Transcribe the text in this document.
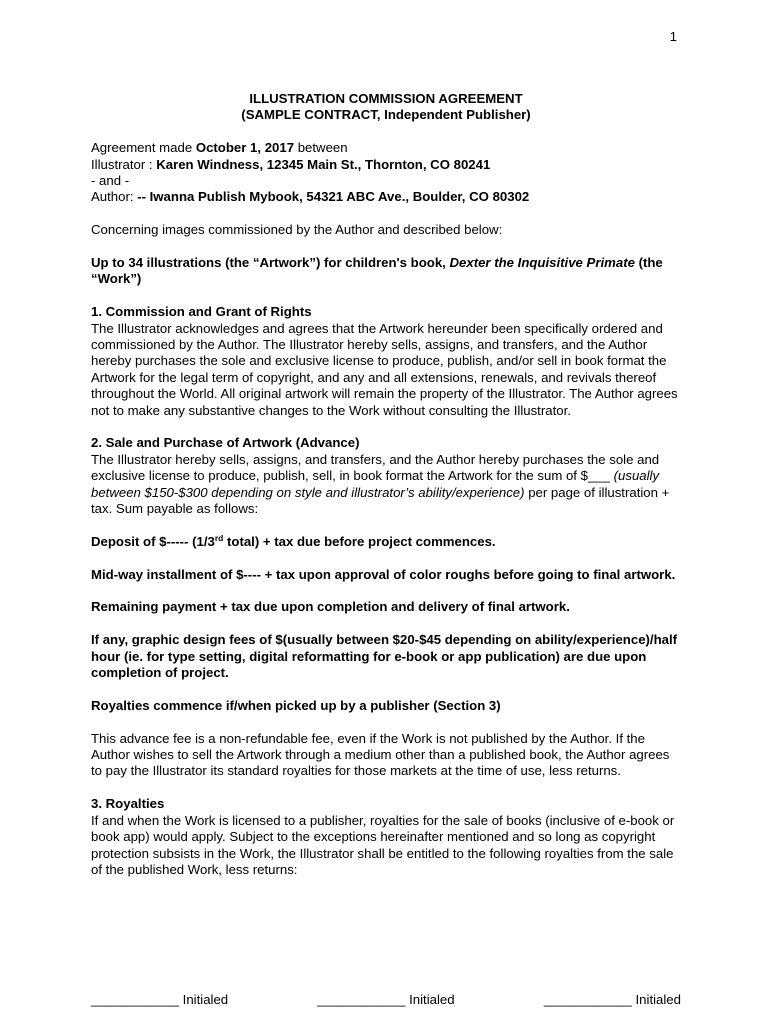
1
ILLUSTRATION COMMISSION AGREEMENT
(SAMPLE CONTRACT, Independent Publisher)

Agreement made October 1, 2017 between
Illustrator : Karen Windness, 12345 Main St., Thornton, CO 80241
- and -
Author: -- Iwanna Publish Mybook, 54321 ABC Ave., Boulder, CO 80302

Concerning images commissioned by the Author and described below:

Up to 34 illustrations (the “Artwork”) for children's book, Dexter the Inquisitive Primate (the “Work”)

1. Commission and Grant of Rights
The Illustrator acknowledges and agrees that the Artwork hereunder been specifically ordered and commissioned by the Author. The Illustrator hereby sells, assigns, and transfers, and the Author hereby purchases the sole and exclusive license to produce, publish, and/or sell in book format the Artwork for the legal term of copyright, and any and all extensions, renewals, and revivals thereof throughout the World. All original artwork will remain the property of the Illustrator. The Author agrees not to make any substantive changes to the Work without consulting the Illustrator.

2. Sale and Purchase of Artwork (Advance)
The Illustrator hereby sells, assigns, and transfers, and the Author hereby purchases the sole and exclusive license to produce, publish, sell, in book format the Artwork for the sum of $___ (usually between $150-$300 depending on style and illustrator’s ability/experience) per page of illustration + tax. Sum payable as follows:

Deposit of $----- (1/3rd total) + tax due before project commences.

Mid-way installment of $---- + tax upon approval of color roughs before going to final artwork.

Remaining payment + tax due upon completion and delivery of final artwork.

If any, graphic design fees of $(usually between $20-$45 depending on ability/experience)/half hour (ie. for type setting, digital reformatting for e-book or app publication) are due upon completion of project.

Royalties commence if/when picked up by a publisher (Section 3)

This advance fee is a non-refundable fee, even if the Work is not published by the Author. If the Author wishes to sell the Artwork through a medium other than a published book, the Author agrees to pay the Illustrator its standard royalties for those markets at the time of use, less returns.

3. Royalties
If and when the Work is licensed to a publisher, royalties for the sale of books (inclusive of e-book or book app) would apply. Subject to the exceptions hereinafter mentioned and so long as copyright protection subsists in the Work, the Illustrator shall be entitled to the following royalties from the sale of the published Work, less returns:

____________ Initialed	____________ Initialed	____________ Initialed
